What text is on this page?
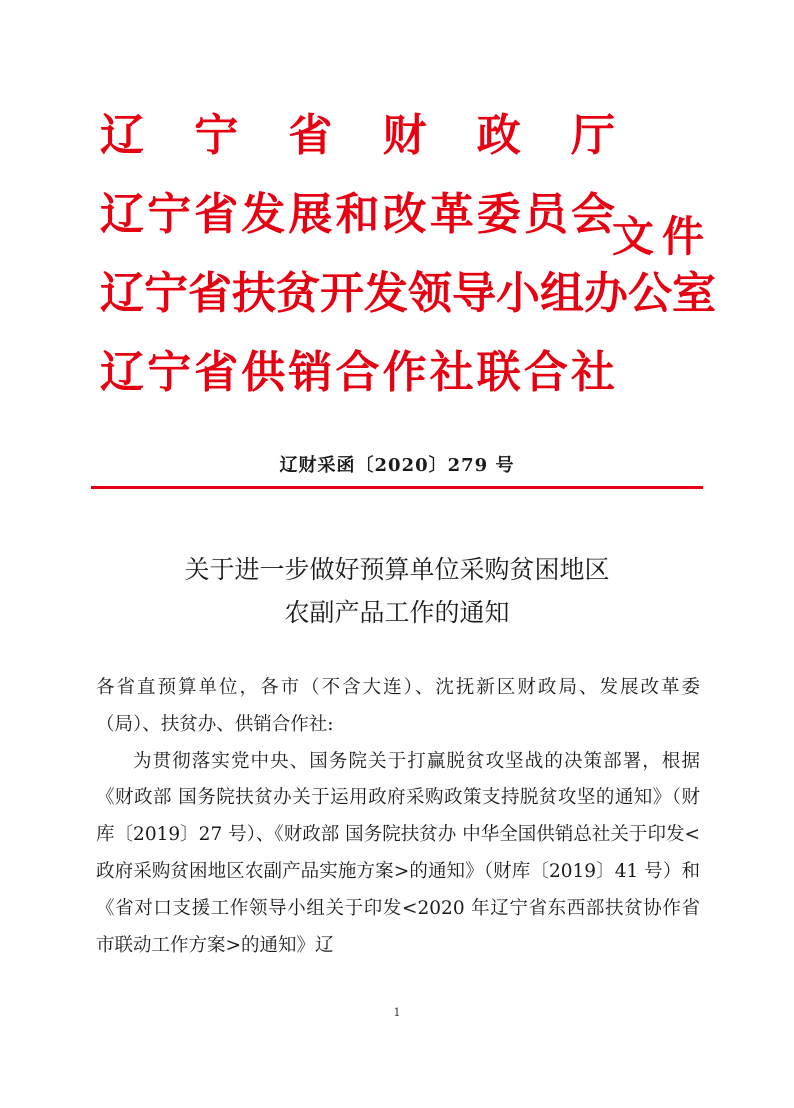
辽宁省财政厅
辽宁省发展和改革委员会
辽宁省扶贫开发领导小组办公室
辽宁省供销合作社联合社
文件
辽财采函〔2020〕279 号
关于进一步做好预算单位采购贫困地区
农副产品工作的通知

各省直预算单位，各市（不含大连）、沈抚新区财政局、发展改革委（局）、扶贫办、供销合作社:

为贯彻落实党中央、国务院关于打赢脱贫攻坚战的决策部署，根据《财政部 国务院扶贫办关于运用政府采购政策支持脱贫攻坚的通知》（财库〔2019〕27 号）、《财政部 国务院扶贫办 中华全国供销总社关于印发<政府采购贫困地区农副产品实施方案>的通知》（财库〔2019〕41 号）和《省对口支援工作领导小组关于印发<2020 年辽宁省东西部扶贫协作省市联动工作方案>的通知》辽

1
